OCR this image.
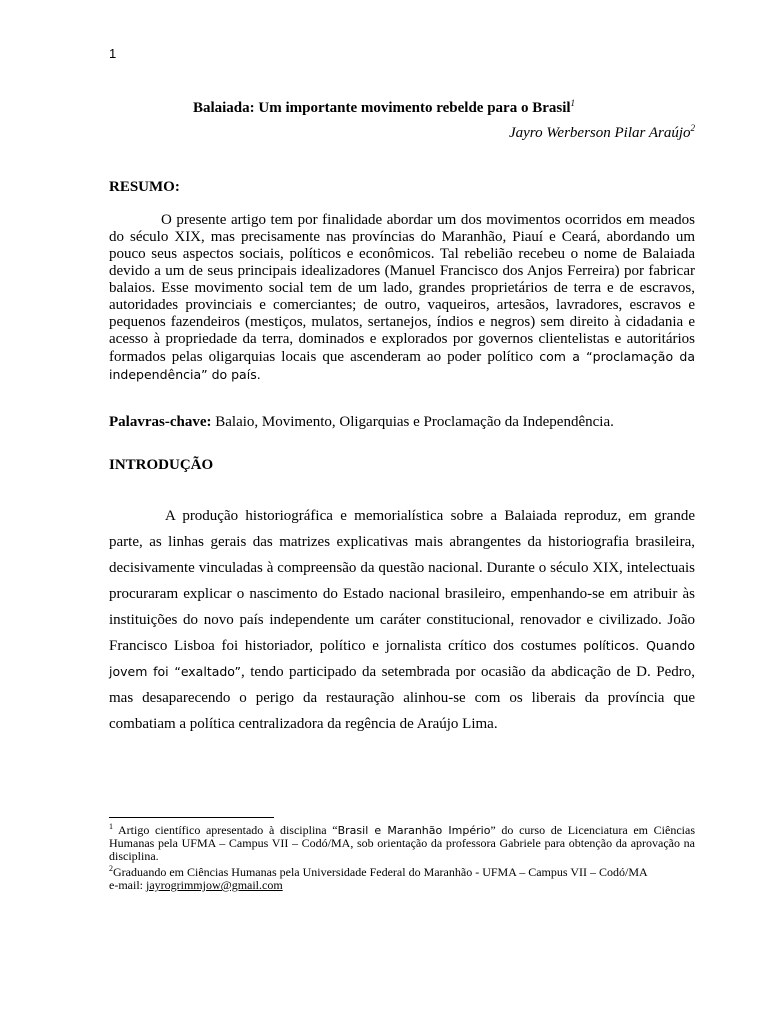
1
Balaiada: Um importante movimento rebelde para o Brasil$^1$
Jayro Werberson Pilar Araújo$^2$
RESUMO:

O presente artigo tem por finalidade abordar um dos movimentos ocorridos em meados do século XIX, mas precisamente nas províncias do Maranhão, Piauí e Ceará, abordando um pouco seus aspectos sociais, políticos e econômicos. Tal rebelião recebeu o nome de Balaiada devido a um de seus principais idealizadores (Manuel Francisco dos Anjos Ferreira) por fabricar balaios. Esse movimento social tem de um lado, grandes proprietários de terra e de escravos, autoridades provinciais e comerciantes; de outro, vaqueiros, artesãos, lavradores, escravos e pequenos fazendeiros (mestiços, mulatos, sertanejos, índios e negros) sem direito à cidadania e acesso à propriedade da terra, dominados e explorados por governos clientelistas e autoritários formados pelas oligarquias locais que ascenderam ao poder político com a “proclamação da independência” do país.

Palavras-chave: Balaio, Movimento, Oligarquias e Proclamação da Independência.
INTRODUÇÃO

A produção historiográfica e memorialística sobre a Balaiada reproduz, em grande parte, as linhas gerais das matrizes explicativas mais abrangentes da historiografia brasileira, decisivamente vinculadas à compreensão da questão nacional. Durante o século XIX, intelectuais procuraram explicar o nascimento do Estado nacional brasileiro, empenhando-se em atribuir às instituições do novo país independente um caráter constitucional, renovador e civilizado. João Francisco Lisboa foi historiador, político e jornalista crítico dos costumes políticos. Quando jovem foi “exaltado”, tendo participado da setembrada por ocasião da abdicação de D. Pedro, mas desaparecendo o perigo da restauração alinhou-se com os liberais da província que combatiam a política centralizadora da regência de Araújo Lima.

$^1$ Artigo científico apresentado à disciplina “Brasil e Maranhão Império” do curso de Licenciatura em Ciências Humanas pela UFMA – Campus VII – Codó/MA, sob orientação da professora Gabriele para obtenção da aprovação na disciplina.

$^2$Graduando em Ciências Humanas pela Universidade Federal do Maranhão - UFMA – Campus VII – Codó/MA
e-mail: jayrogrimmjow@gmail.com
